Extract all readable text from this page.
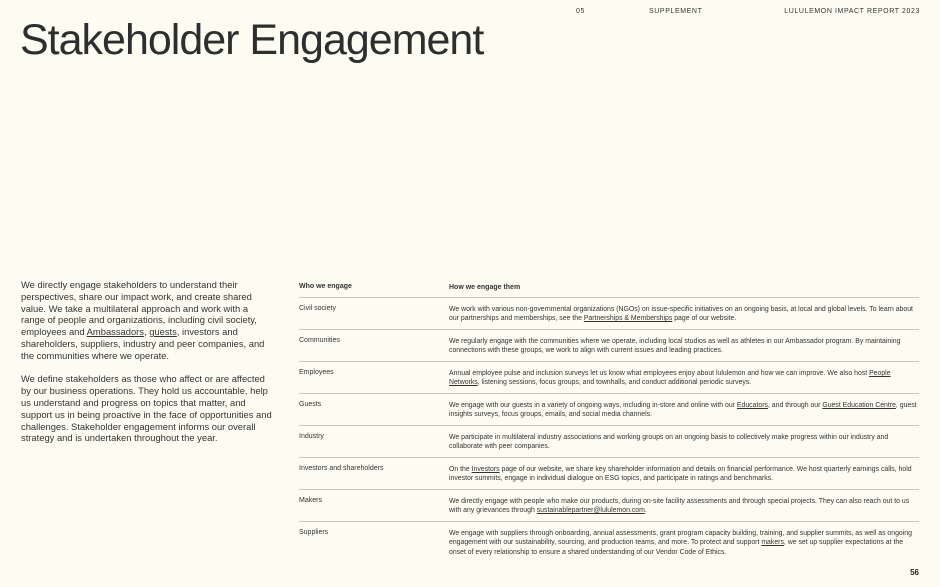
05	SUPPLEMENT	LULULEMON IMPACT REPORT 2023
Stakeholder Engagement

We directly engage stakeholders to understand their perspectives, share our impact work, and create shared value. We take a multilateral approach and work with a range of people and organizations, including civil society, employees and Ambassadors, guests, investors and shareholders, suppliers, industry and peer companies, and the communities where we operate.

We define stakeholders as those who affect or are affected by our business operations. They hold us accountable, help us understand and progress on topics that matter, and support us in being proactive in the face of opportunities and challenges. Stakeholder engagement informs our overall strategy and is undertaken throughout the year.

Who we engage	How we engage them
Civil society	We work with various non-governmental organizations (NGOs) on issue-specific initiatives on an ongoing basis, at local and global levels. To learn about our partnerships and memberships, see the Partnerships & Memberships page of our website.
Communities	We regularly engage with the communities where we operate, including local studios as well as athletes in our Ambassador program. By maintaining connections with these groups, we work to align with current issues and leading practices.
Employees	Annual employee pulse and inclusion surveys let us know what employees enjoy about lululemon and how we can improve. We also host People Networks, listening sessions, focus groups, and townhalls, and conduct additional periodic surveys.
Guests	We engage with our guests in a variety of ongoing ways, including in-store and online with our Educators, and through our Guest Education Centre, guest insights surveys, focus groups, emails, and social media channels.
Industry	We participate in multilateral industry associations and working groups on an ongoing basis to collectively make progress within our industry and collaborate with peer companies.
Investors and shareholders	On the Investors page of our website, we share key shareholder information and details on financial performance. We host quarterly earnings calls, hold investor summits, engage in individual dialogue on ESG topics, and participate in ratings and benchmarks.
Makers	We directly engage with people who make our products, during on-site facility assessments and through special projects. They can also reach out to us with any grievances through sustainablepartner@lululemon.com.
Suppliers	We engage with suppliers through onboarding, annual assessments, grant program capacity building, training, and supplier summits, as well as ongoing engagement with our sustainability, sourcing, and production teams, and more. To protect and support makers, we set up supplier expectations at the onset of every relationship to ensure a shared understanding of our Vendor Code of Ethics.
56
